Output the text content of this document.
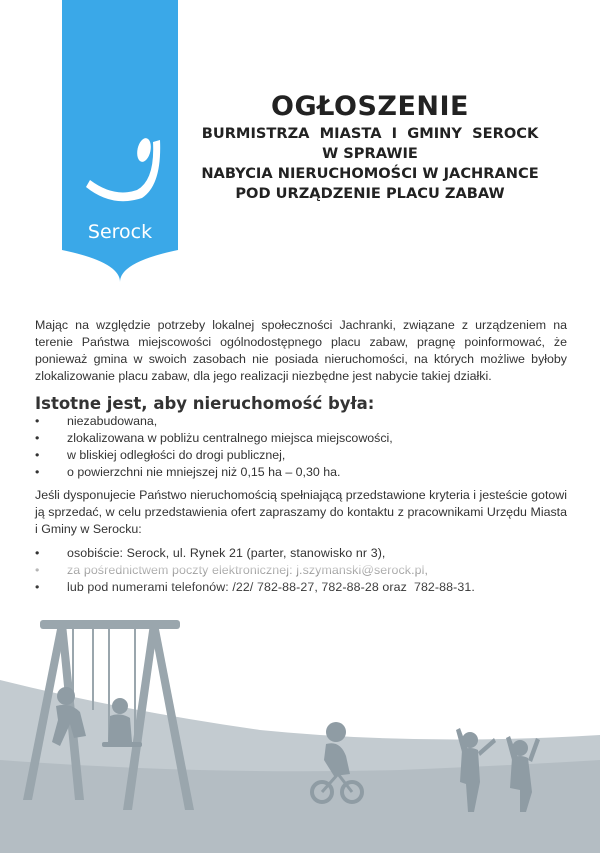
Serock
OGŁOSZENIE
BURMISTRZA  MIASTA  I  GMINY  SEROCK
W SPRAWIE
NABYCIA NIERUCHOMOŚCI W JACHRANCE
POD URZĄDZENIE PLACU ZABAW

Mając na względzie potrzeby lokalnej społeczności Jachranki, związane z urządzeniem na terenie Państwa miejscowości ogólnodostępnego placu zabaw, pragnę poinformować, że ponieważ gmina w swoich zasobach nie posiada nieruchomości, na których możliwe byłoby zlokalizowanie placu zabaw, dla jego realizacji niezbędne jest nabycie takiej działki.

Istotne jest, aby nieruchomość była:
• niezabudowana,
• zlokalizowana w pobliżu centralnego miejsca miejscowości,
• w bliskiej odległości do drogi publicznej,
• o powierzchni nie mniejszej niż 0,15 ha – 0,30 ha.

Jeśli dysponujecie Państwo nieruchomością spełniającą przedstawione kryteria i jesteście gotowi ją sprzedać, w celu przedstawienia ofert zapraszamy do kontaktu z pracownikami Urzędu Miasta i Gminy w Serocku:

• osobiście: Serock, ul. Rynek 21 (parter, stanowisko nr 3),
•
•
